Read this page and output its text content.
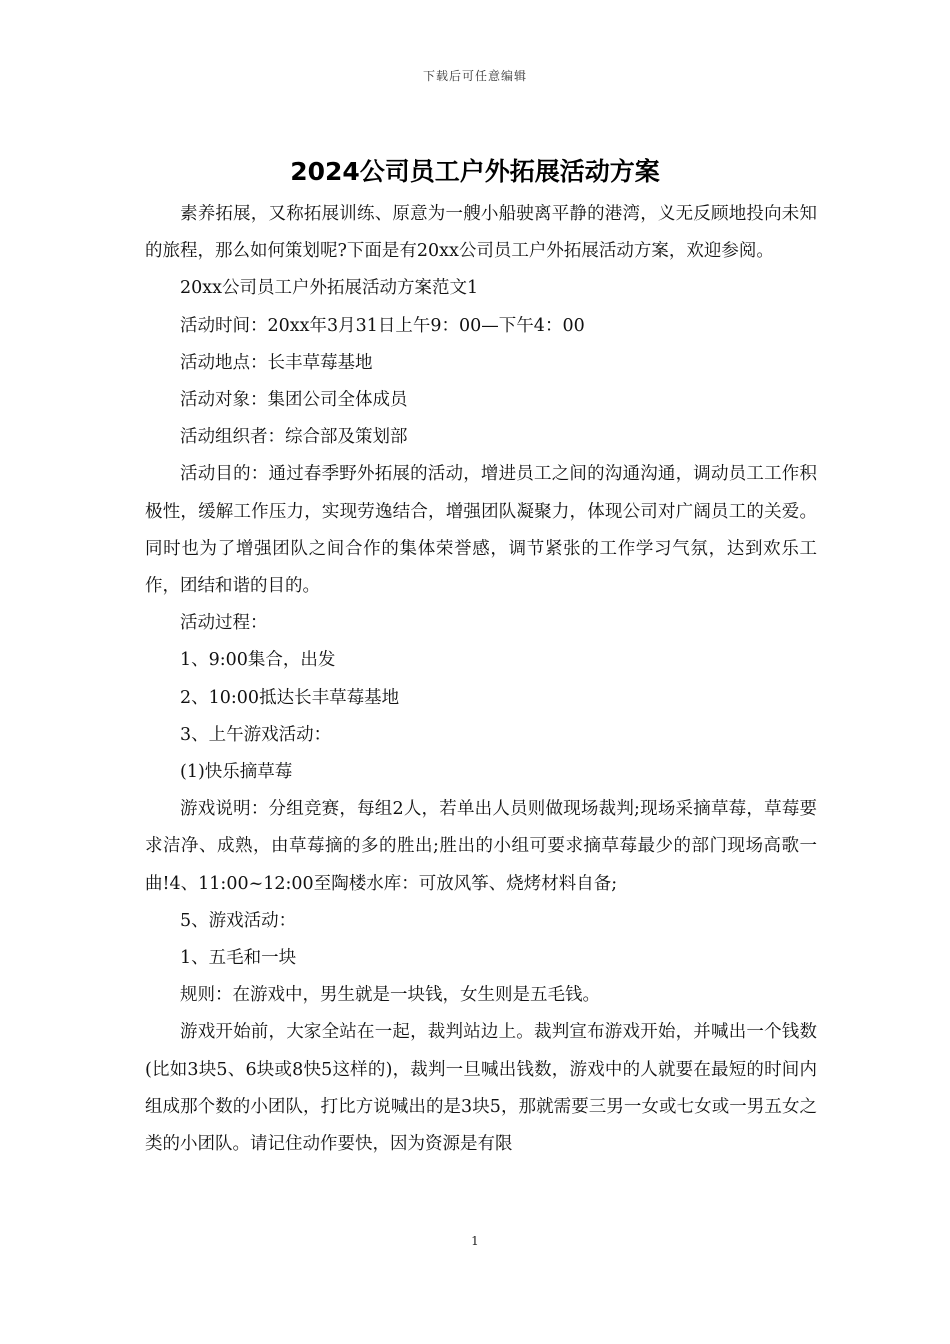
下载后可任意编辑
2024公司员工户外拓展活动方案

素养拓展，又称拓展训练、原意为一艘小船驶离平静的港湾，义无反顾地投向未知的旅程，那么如何策划呢?下面是有20xx公司员工户外拓展活动方案，欢迎参阅。

20xx公司员工户外拓展活动方案范文1

活动时间：20xx年3月31日上午9：00—下午4：00

活动地点：长丰草莓基地

活动对象：集团公司全体成员

活动组织者：综合部及策划部

活动目的：通过春季野外拓展的活动，增进员工之间的沟通沟通，调动员工工作积极性，缓解工作压力，实现劳逸结合，增强团队凝聚力，体现公司对广阔员工的关爱。同时也为了增强团队之间合作的集体荣誉感，调节紧张的工作学习气氛，达到欢乐工作，团结和谐的目的。

活动过程：

1、9:00集合，出发

2、10:00抵达长丰草莓基地

3、上午游戏活动：

(1)快乐摘草莓

游戏说明：分组竞赛，每组2人，若单出人员则做现场裁判;现场采摘草莓，草莓要求洁净、成熟，由草莓摘的多的胜出;胜出的小组可要求摘草莓最少的部门现场高歌一曲!4、11:00~12:00至陶楼水库：可放风筝、烧烤材料自备;

5、游戏活动：

1、五毛和一块

规则：在游戏中，男生就是一块钱，女生则是五毛钱。

游戏开始前，大家全站在一起，裁判站边上。裁判宣布游戏开始，并喊出一个钱数(比如3块5、6块或8快5这样的)，裁判一旦喊出钱数，游戏中的人就要在最短的时间内组成那个数的小团队，打比方说喊出的是3块5，那就需要三男一女或七女或一男五女之类的小团队。请记住动作要快，因为资源是有限

1
